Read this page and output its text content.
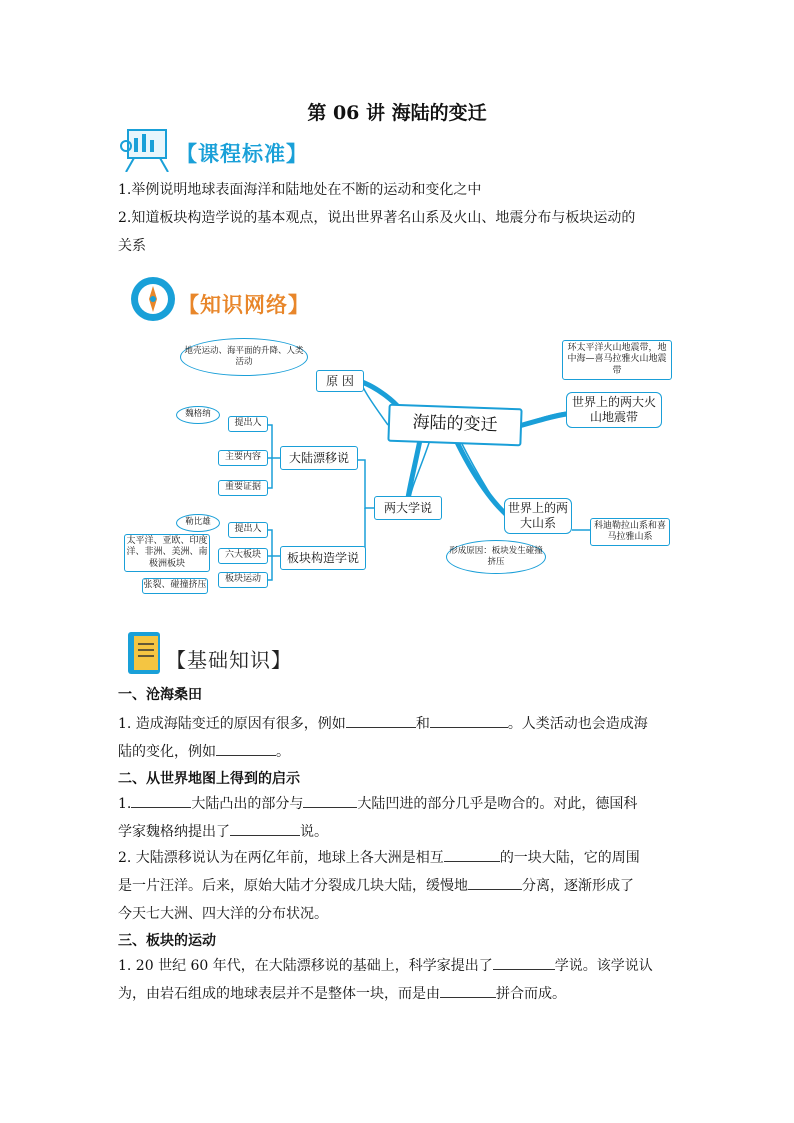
第 06 讲 海陆的变迁
【课程标准】
1.举例说明地球表面海洋和陆地处在不断的运动和变化之中
2.知道板块构造学说的基本观点，说出世界著名山系及火山、地震分布与板块运动的
关系
【知识网络】
地壳运动、海平面的升降、人类活动
原 因
海陆的变迁
环太平洋火山地震带，地中海—喜马拉雅火山地震带
世界上的两大火山地震带
两大学说	世界上的两大山系	科迪勒拉山系和喜马拉雅山系
形成原因：板块发生碰撞挤压
大陆漂移说
魏格纳
提出人
主要内容
重要证据
板块构造学说
勒比雄
提出人
太平洋、亚欧、印度洋、非洲、美洲、南极洲板块
六大板块
张裂、碰撞挤压
板块运动
【基础知识】
一、沧海桑田
1. 造成海陆变迁的原因有很多，例如	和	。人类活动也会造成海
陆的变化，例如	。
二、从世界地图上得到的启示
1.	大陆凸出的部分与	大陆凹进的部分几乎是吻合的。对此，德国科
学家魏格纳提出了	说。
2. 大陆漂移说认为在两亿年前，地球上各大洲是相互	的一块大陆，它的周围
是一片汪洋。后来，原始大陆才分裂成几块大陆，缓慢地	分离，逐渐形成了
今天七大洲、四大洋的分布状况。
三、板块的运动
1. 20 世纪 60 年代，在大陆漂移说的基础上，科学家提出了	学说。该学说认
为，由岩石组成的地球表层并不是整体一块，而是由	拼合而成。
